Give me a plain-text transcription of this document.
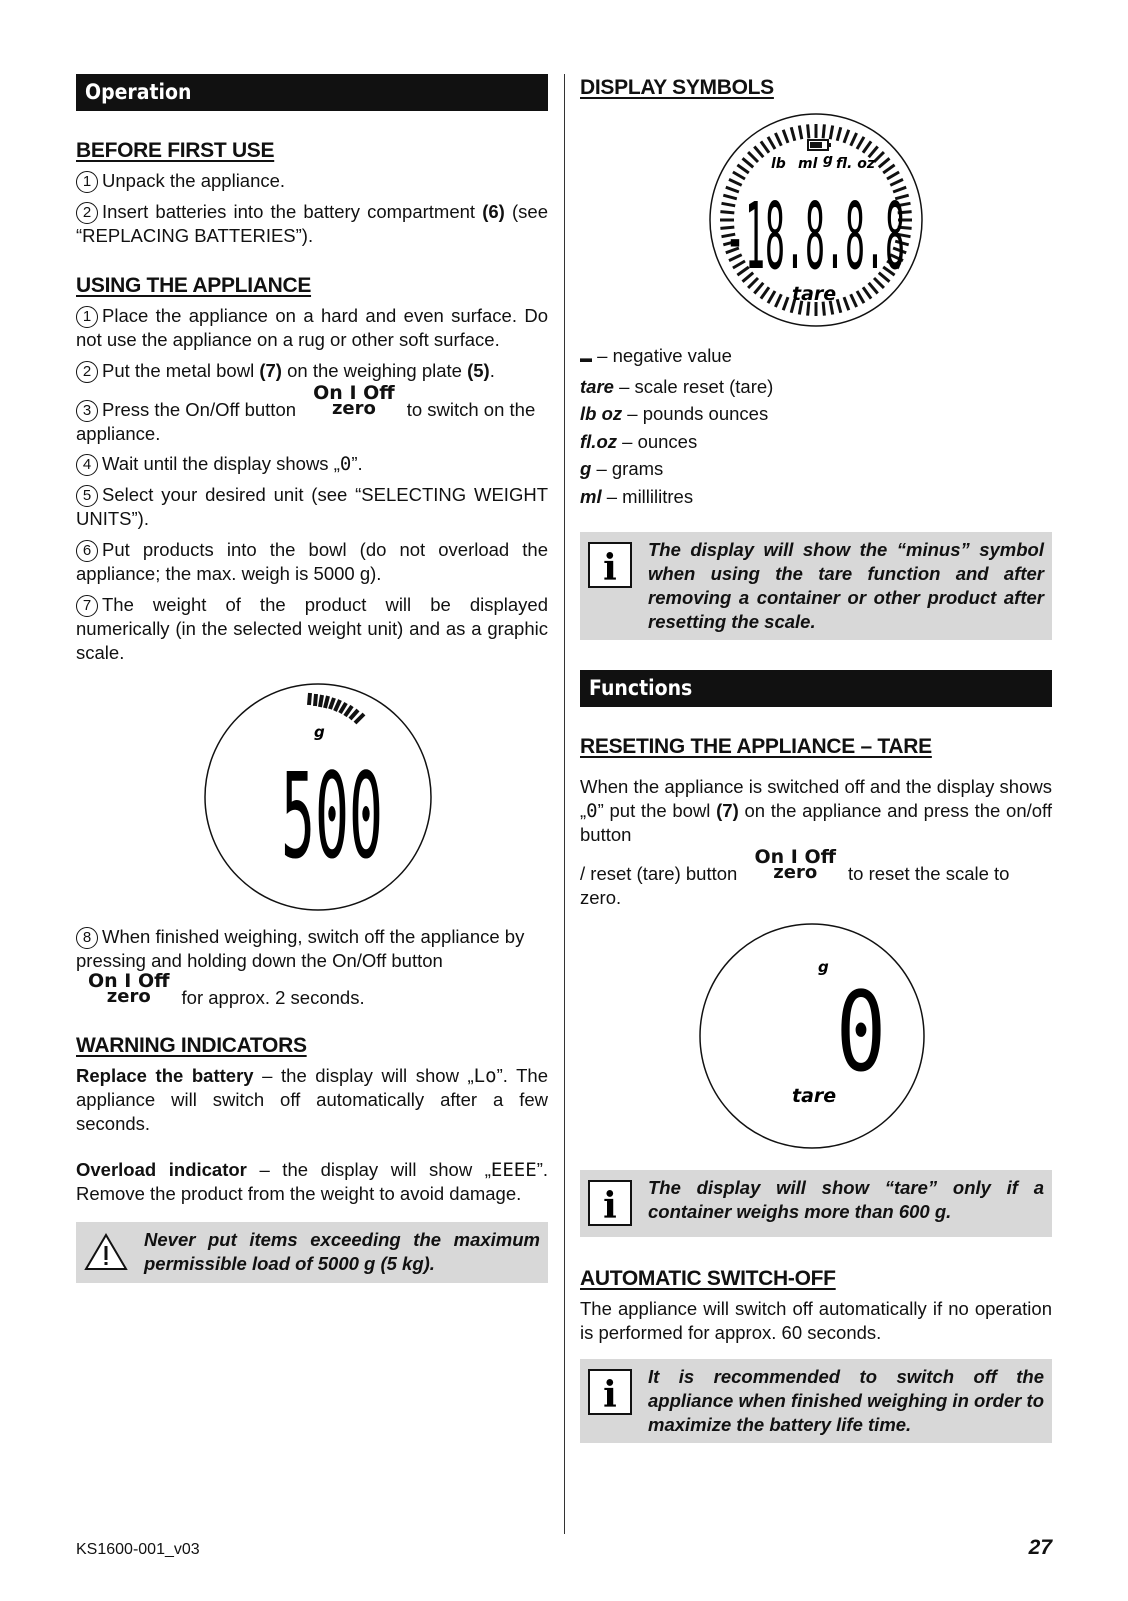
Operation
BEFORE FIRST USE

1 Unpack the appliance.

2 Insert batteries into the battery compartment (6) (see “REPLACING BATTERIES”).

USING THE APPLIANCE

1 Place the appliance on a hard and even surface. Do not use the appliance on a rug or other soft surface.

2 Put the metal bowl (7) on the weighing plate (5).

3 Press the On/Off button
On I Off
zero	to switch on the appliance.

4 Wait until the display shows „0”.

5 Select your desired unit (see “SELECTING WEIGHT UNITS”).

6 Put products into the bowl (do not overload the appliance; the max. weigh is 5000 g).

7 The weight of the product will be displayed numerically (in the selected weight unit) and as a graphic scale.

g
500

8 When finished weighing, switch off the appliance by pressing and holding down the On/Off button
On I Off
zero	for approx. 2 seconds.

WARNING INDICATORS

Replace the battery – the display will show „Lo”. The appliance will switch off automatically after a few seconds.

Overload indicator – the display will show „EEEE”. Remove the product from the weight to avoid damage.

Never put items exceeding the maximum permissible load of 5000 g (5 kg).
DISPLAY SYMBOLS
lb ml g fl. oz
-18.8.8.8
tare

▬ – negative value

tare – scale reset (tare)

lb oz – pounds ounces

fl.oz – ounces

g – grams

ml – millilitres

i The display will show the “minus” symbol when using the tare function and after removing a container or other product after resetting the scale.
Functions
RESETING THE APPLIANCE – TARE

When the appliance is switched off and the display shows „0” put the bowl (7) on the appliance and press the on/off button

/ reset (tare) button
On I Off
zero	to reset the scale to zero.

g
0
tare
i The display will show “tare” only if a container weighs more than 600 g.
AUTOMATIC SWITCH-OFF

The appliance will switch off automatically if no operation is performed for approx. 60 seconds.

i It is recommended to switch off the appliance when finished weighing in order to maximize the battery life time.
KS1600-001_v03	27
